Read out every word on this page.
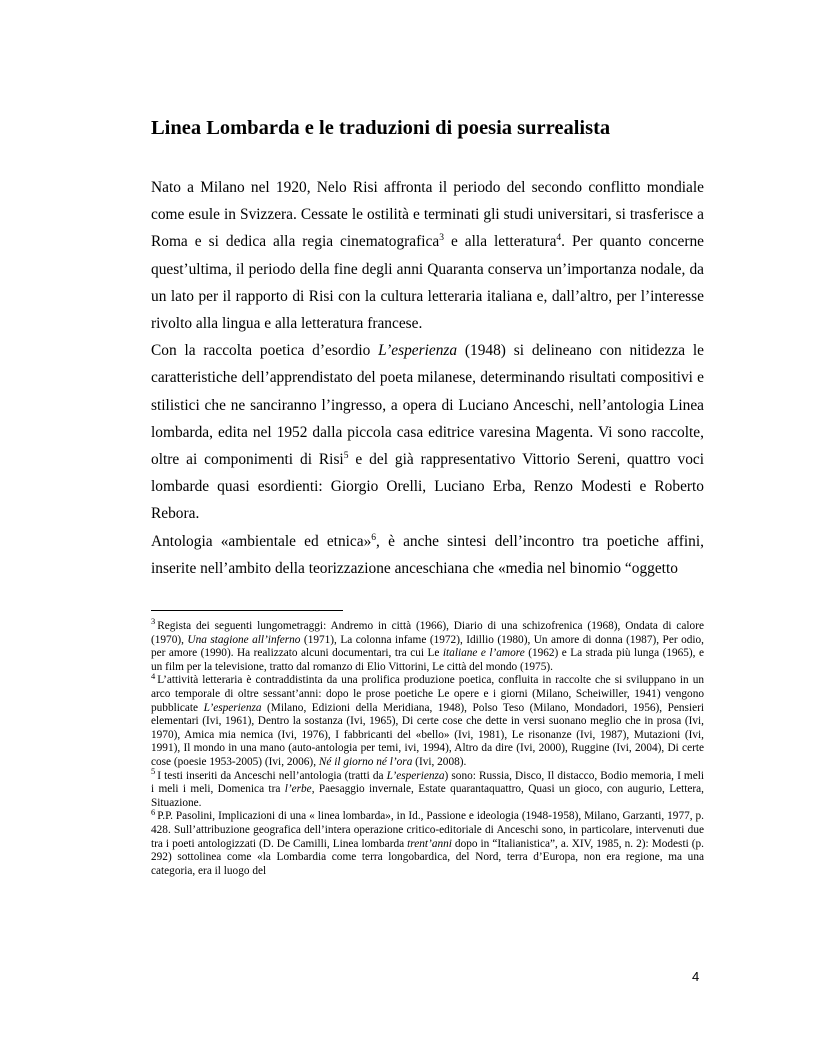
Linea Lombarda e le traduzioni di poesia surrealista

Nato a Milano nel 1920, Nelo Risi affronta il periodo del secondo conflitto mondiale come esule in Svizzera. Cessate le ostilità e terminati gli studi universitari, si trasferisce a Roma e si dedica alla regia cinematografica$^3$ e alla letteratura$^4$. Per quanto concerne quest’ultima, il periodo della fine degli anni Quaranta conserva un’importanza nodale, da un lato per il rapporto di Risi con la cultura letteraria italiana e, dall’altro, per l’interesse rivolto alla lingua e alla letteratura francese.

Con la raccolta poetica d’esordio L’esperienza (1948) si delineano con nitidezza le caratteristiche dell’apprendistato del poeta milanese, determinando risultati compositivi e stilistici che ne sanciranno l’ingresso, a opera di Luciano Anceschi, nell’antologia Linea lombarda, edita nel 1952 dalla piccola casa editrice varesina Magenta. Vi sono raccolte, oltre ai componimenti di Risi$^5$ e del già rappresentativo Vittorio Sereni, quattro voci lombarde quasi esordienti: Giorgio Orelli, Luciano Erba, Renzo Modesti e Roberto Rebora.

Antologia «ambientale ed etnica»$^6$, è anche sintesi dell’incontro tra poetiche affini, inserite nell’ambito della teorizzazione anceschiana che «media nel binomio “oggetto

$^3$ Regista dei seguenti lungometraggi: Andremo in città (1966), Diario di una schizofrenica (1968), Ondata di calore (1970), Una stagione all’inferno (1971), La colonna infame (1972), Idillio (1980), Un amore di donna (1987), Per odio, per amore (1990). Ha realizzato alcuni documentari, tra cui Le italiane e l’amore (1962) e La strada più lunga (1965), e un film per la televisione, tratto dal romanzo di Elio Vittorini, Le città del mondo (1975).

$^4$ L’attività letteraria è contraddistinta da una prolifica produzione poetica, confluita in raccolte che si sviluppano in un arco temporale di oltre sessant’anni: dopo le prose poetiche Le opere e i giorni (Milano, Scheiwiller, 1941) vengono pubblicate L’esperienza (Milano, Edizioni della Meridiana, 1948), Polso Teso (Milano, Mondadori, 1956), Pensieri elementari (Ivi, 1961), Dentro la sostanza (Ivi, 1965), Di certe cose che dette in versi suonano meglio che in prosa (Ivi, 1970), Amica mia nemica (Ivi, 1976), I fabbricanti del «bello» (Ivi, 1981), Le risonanze (Ivi, 1987), Mutazioni (Ivi, 1991), Il mondo in una mano (auto-antologia per temi, ivi, 1994), Altro da dire (Ivi, 2000), Ruggine (Ivi, 2004), Di certe cose (poesie 1953-2005) (Ivi, 2006), Né il giorno né l’ora (Ivi, 2008).

$^5$ I testi inseriti da Anceschi nell’antologia (tratti da L’esperienza) sono: Russia, Disco, Il distacco, Bodio memoria, I meli i meli i meli, Domenica tra l’erbe, Paesaggio invernale, Estate quarantaquattro, Quasi un gioco, con augurio, Lettera, Situazione.

$^6$ P.P. Pasolini, Implicazioni di una « linea lombarda», in Id., Passione e ideologia (1948-1958), Milano, Garzanti, 1977, p. 428. Sull’attribuzione geografica dell’intera operazione critico-editoriale di Anceschi sono, in particolare, intervenuti due tra i poeti antologizzati (D. De Camilli, Linea lombarda trent’anni dopo in “Italianistica”, a. XIV, 1985, n. 2): Modesti (p. 292) sottolinea come «la Lombardia come terra longobardica, del Nord, terra d’Europa, non era regione, ma una categoria, era il luogo del

4
